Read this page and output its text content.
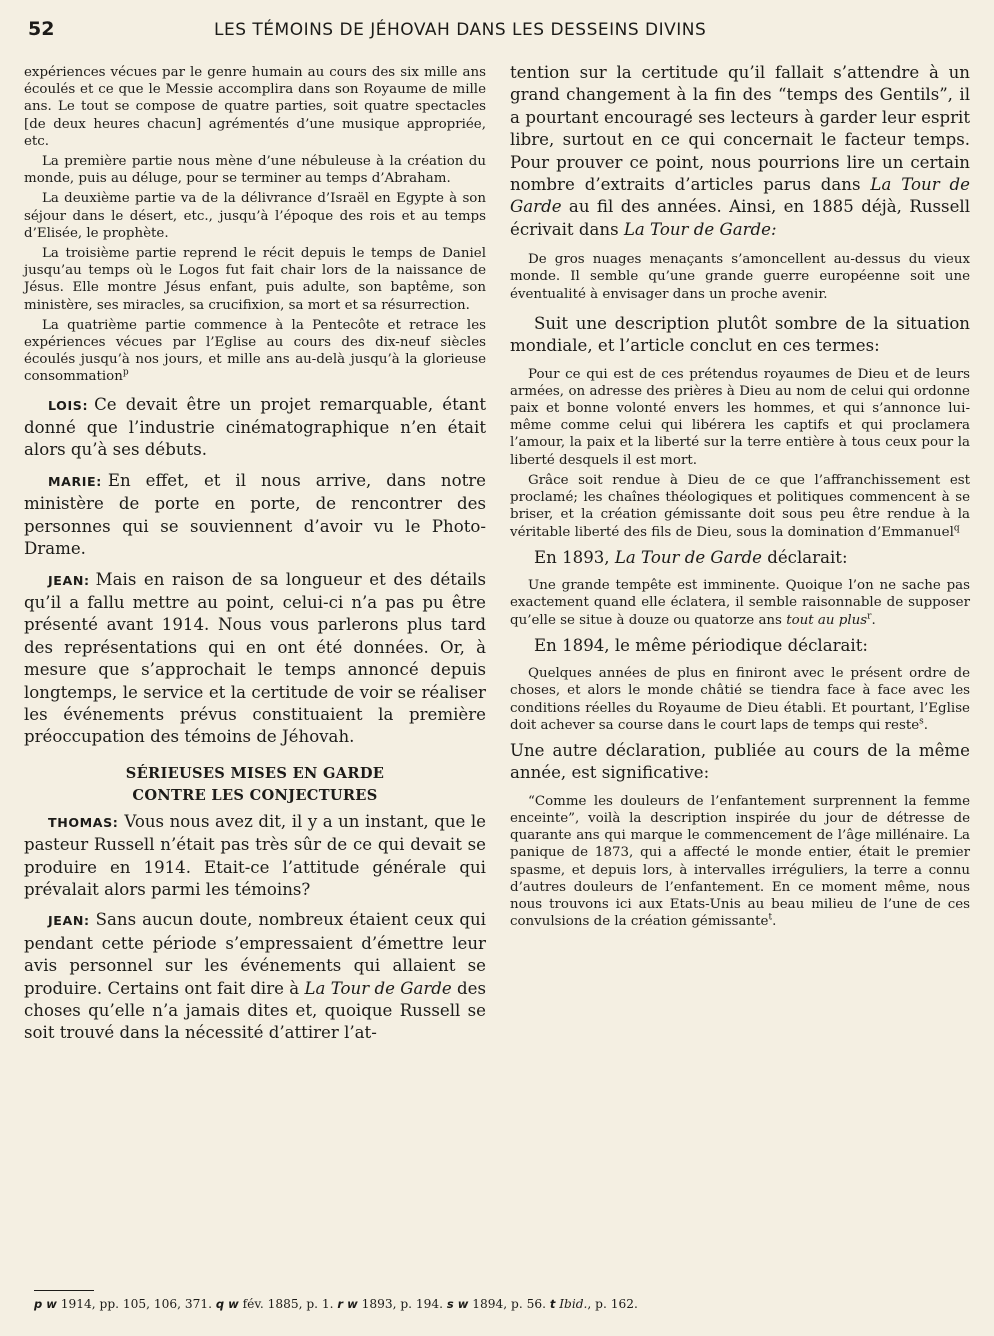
52	LES TÉMOINS DE JÉHOVAH DANS LES DESSEINS DIVINS

expériences vécues par le genre humain au cours des six mille ans écoulés et ce que le Messie accomplira dans son Royaume de mille ans. Le tout se compose de quatre parties, soit quatre spectacles [de deux heures chacun] agrémentés d’une musique appropriée, etc.

La première partie nous mène d’une nébuleuse à la création du monde, puis au déluge, pour se terminer au temps d’Abraham.

La deuxième partie va de la délivrance d’Israël en Egypte à son séjour dans le désert, etc., jusqu’à l’époque des rois et au temps d’Elisée, le prophète.

La troisième partie reprend le récit depuis le temps de Daniel jusqu’au temps où le Logos fut fait chair lors de la naissance de Jésus. Elle montre Jésus enfant, puis adulte, son baptême, son ministère, ses miracles, sa crucifixion, sa mort et sa résurrection.

La quatrième partie commence à la Pentecôte et retrace les expériences vécues par l’Eglise au cours des dix-neuf siècles écoulés jusqu’à nos jours, et mille ans au-delà jusqu’à la glorieuse consommation$^p$

LOIS: Ce devait être un projet remarquable, étant donné que l’industrie cinématographique n’en était alors qu’à ses débuts.

MARIE: En effet, et il nous arrive, dans notre ministère de porte en porte, de rencontrer des personnes qui se souviennent d’avoir vu le Photo-Drame.

JEAN: Mais en raison de sa longueur et des détails qu’il a fallu mettre au point, celui-ci n’a pas pu être présenté avant 1914. Nous vous parlerons plus tard des représentations qui en ont été données. Or, à mesure que s’approchait le temps annoncé depuis longtemps, le service et la certitude de voir se réaliser les événements prévus constituaient la première préoccupation des témoins de Jéhovah.

SÉRIEUSES MISES EN GARDE
CONTRE LES CONJECTURES

THOMAS: Vous nous avez dit, il y a un instant, que le pasteur Russell n’était pas très sûr de ce qui devait se produire en 1914. Etait-ce l’attitude générale qui prévalait alors parmi les témoins?

JEAN: Sans aucun doute, nombreux étaient ceux qui pendant cette période s’empressaient d’émettre leur avis personnel sur les événements qui allaient se produire. Certains ont fait dire à La Tour de Garde des choses qu’elle n’a jamais dites et, quoique Russell se soit trouvé dans la nécessité d’attirer l’at-

tention sur la certitude qu’il fallait s’attendre à un grand changement à la fin des “temps des Gentils”, il a pourtant encouragé ses lecteurs à garder leur esprit libre, surtout en ce qui concernait le facteur temps. Pour prouver ce point, nous pourrions lire un certain nombre d’extraits d’articles parus dans La Tour de Garde au fil des années. Ainsi, en 1885 déjà, Russell écrivait dans La Tour de Garde:

De gros nuages menaçants s’amoncellent au-dessus du vieux monde. Il semble qu’une grande guerre européenne soit une éventualité à envisager dans un proche avenir.

Suit une description plutôt sombre de la situation mondiale, et l’article conclut en ces termes:

Pour ce qui est de ces prétendus royaumes de Dieu et de leurs armées, on adresse des prières à Dieu au nom de celui qui ordonne paix et bonne volonté envers les hommes, et qui s’annonce lui-même comme celui qui libérera les captifs et qui proclamera l’amour, la paix et la liberté sur la terre entière à tous ceux pour la liberté desquels il est mort.

Grâce soit rendue à Dieu de ce que l’affranchissement est proclamé; les chaînes théologiques et politiques commencent à se briser, et la création gémissante doit sous peu être rendue à la véritable liberté des fils de Dieu, sous la domination d’Emmanuel$^q$

En 1893, La Tour de Garde déclarait:

Une grande tempête est imminente. Quoique l’on ne sache pas exactement quand elle éclatera, il semble raisonnable de supposer qu’elle se situe à douze ou quatorze ans tout au plus$^r$.

En 1894, le même périodique déclarait:

Quelques années de plus en finiront avec le présent ordre de choses, et alors le monde châtié se tiendra face à face avec les conditions réelles du Royaume de Dieu établi. Et pourtant, l’Eglise doit achever sa course dans le court laps de temps qui reste$^s$.

Une autre déclaration, publiée au cours de la même année, est significative:

“Comme les douleurs de l’enfantement surprennent la femme enceinte”, voilà la description inspirée du jour de détresse de quarante ans qui marque le commencement de l’âge millénaire. La panique de 1873, qui a affecté le monde entier, était le premier spasme, et depuis lors, à intervalles irréguliers, la terre a connu d’autres douleurs de l’enfantement. En ce moment même, nous nous trouvons ici aux Etats-Unis au beau milieu de l’une de ces convulsions de la création gémissante$^t$.

p w 1914, pp. 105, 106, 371. q w fév. 1885, p. 1. r w 1893, p. 194. s w 1894, p. 56. t Ibid., p. 162.
